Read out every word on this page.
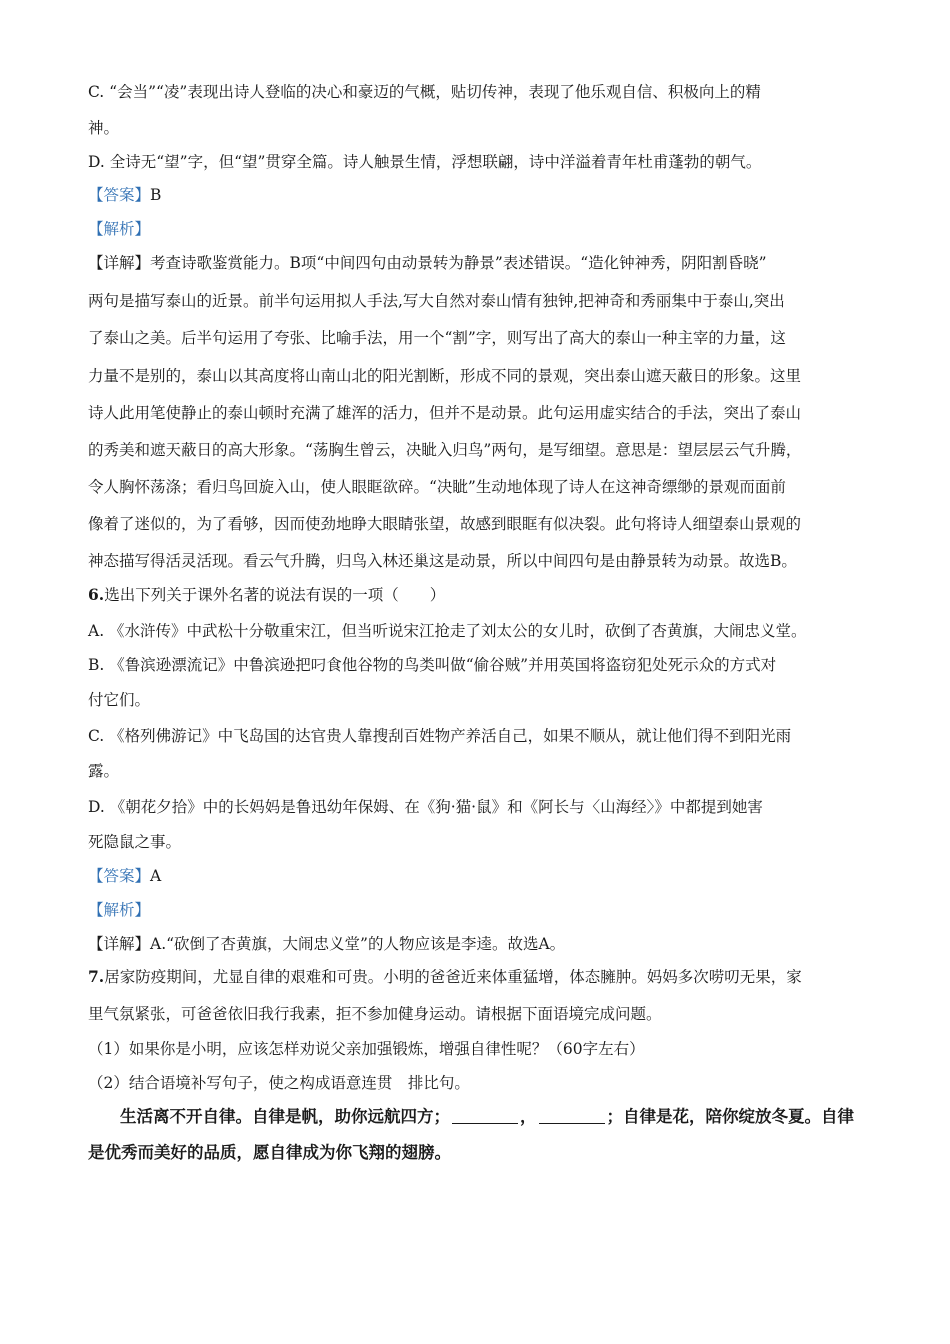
C. “会当”“凌”表现出诗人登临的决心和豪迈的气概，贴切传神，表现了他乐观自信、积极向上的精
神。
D. 全诗无“望”字，但“望”贯穿全篇。诗人触景生情，浮想联翩，诗中洋溢着青年杜甫蓬勃的朝气。
【答案】B
【解析】
【详解】考查诗歌鉴赏能力。B项“中间四句由动景转为静景”表述错误。“造化钟神秀，阴阳割昏晓”
两句是描写泰山的近景。前半句运用拟人手法,写大自然对泰山情有独钟,把神奇和秀丽集中于泰山,突出
了泰山之美。后半句运用了夸张、比喻手法，用一个“割”字，则写出了高大的泰山一种主宰的力量，这
力量不是别的，泰山以其高度将山南山北的阳光割断，形成不同的景观，突出泰山遮天蔽日的形象。这里
诗人此用笔使静止的泰山顿时充满了雄浑的活力，但并不是动景。此句运用虚实结合的手法，突出了泰山
的秀美和遮天蔽日的高大形象。“荡胸生曾云，决眦入归鸟”两句，是写细望。意思是：望层层云气升腾，
令人胸怀荡涤；看归鸟回旋入山，使人眼眶欲碎。“决眦”生动地体现了诗人在这神奇缥缈的景观而面前
像着了迷似的，为了看够，因而使劲地睁大眼睛张望，故感到眼眶有似决裂。此句将诗人细望泰山景观的
神态描写得活灵活现。看云气升腾，归鸟入林还巢这是动景，所以中间四句是由静景转为动景。故选B。
6.选出下列关于课外名著的说法有误的一项（　　）
A. 《水浒传》中武松十分敬重宋江，但当听说宋江抢走了刘太公的女儿时，砍倒了杏黄旗，大闹忠义堂。
B. 《鲁滨逊漂流记》中鲁滨逊把叼食他谷物的鸟类叫做“偷谷贼”并用英国将盗窃犯处死示众的方式对
付它们。
C. 《格列佛游记》中飞岛国的达官贵人靠搜刮百姓物产养活自己，如果不顺从，就让他们得不到阳光雨
露。
D. 《朝花夕拾》中的长妈妈是鲁迅幼年保姆、在《狗·猫·鼠》和《阿长与〈山海经〉》中都提到她害
死隐鼠之事。
【答案】A
【解析】
【详解】A.“砍倒了杏黄旗，大闹忠义堂”的人物应该是李逵。故选A。
7.居家防疫期间，尤显自律的艰难和可贵。小明的爸爸近来体重猛增，体态臃肿。妈妈多次唠叨无果，家
里气氛紧张，可爸爸依旧我行我素，拒不参加健身运动。请根据下面语境完成问题。
（1）如果你是小明，应该怎样劝说父亲加强锻炼，增强自律性呢？（60字左右）
（2）结合语境补写句子，使之构成语意连贯　排比句。
生活离不开自律。自律是帆，助你远航四方；	，	；自律是花，陪你绽放冬夏。自律
是优秀而美好的品质，愿自律成为你飞翔的翅膀。
